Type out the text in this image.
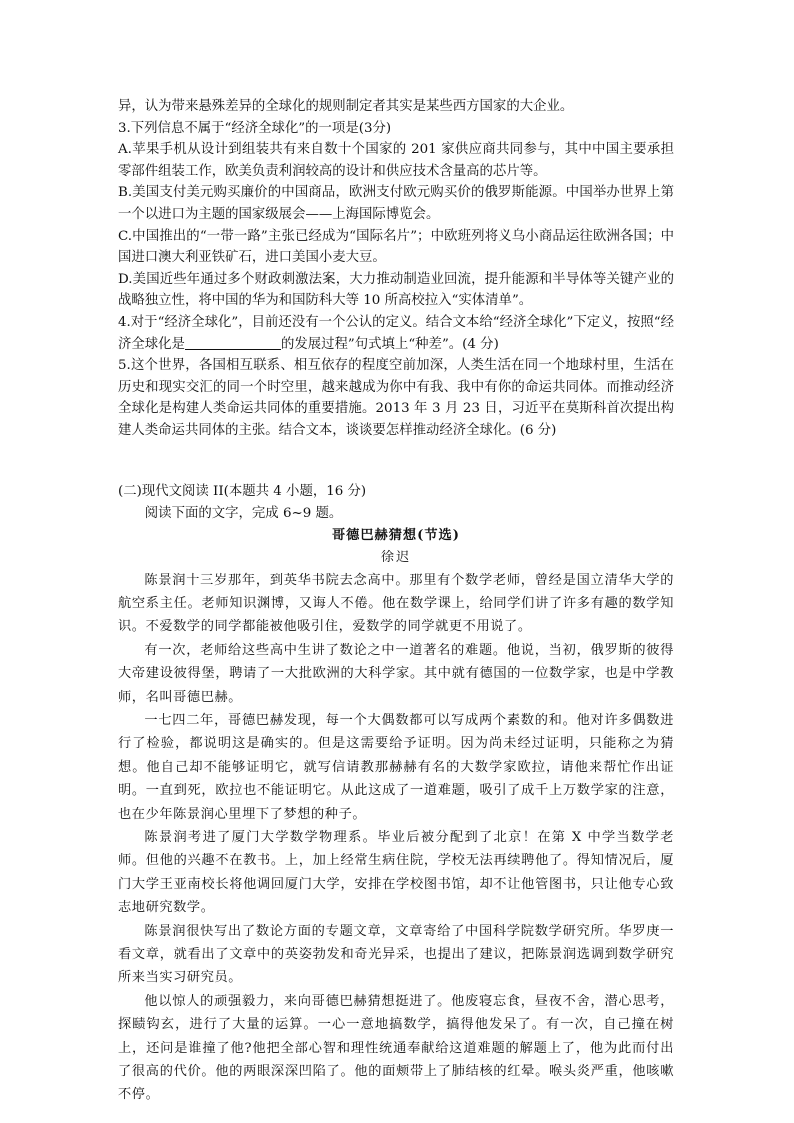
异，认为带来悬殊差异的全球化的规则制定者其实是某些西方国家的大企业。

3.下列信息不属于“经济全球化”的一项是(3分)

A.苹果手机从设计到组装共有来自数十个国家的 201 家供应商共同参与，其中中国主要承担零部件组装工作，欧美负责利润较高的设计和供应技术含量高的芯片等。

B.美国支付美元购买廉价的中国商品，欧洲支付欧元购买价的俄罗斯能源。中国举办世界上第一个以进口为主题的国家级展会——上海国际博览会。

C.中国推出的“一带一路”主张已经成为“国际名片”；中欧班列将义乌小商品运往欧洲各国；中国进口澳大利亚铁矿石，进口美国小麦大豆。

D.美国近些年通过多个财政刺激法案，大力推动制造业回流，提升能源和半导体等关键产业的战略独立性，将中国的华为和国防科大等 10 所高校拉入“实体清单”。

4.对于“经济全球化”，目前还没有一个公认的定义。结合文本给“经济全球化”下定义，按照“经济全球化是	的发展过程”句式填上“种差”。(4 分)

5.这个世界，各国相互联系、相互依存的程度空前加深，人类生活在同一个地球村里，生活在历史和现实交汇的同一个时空里，越来越成为你中有我、我中有你的命运共同体。而推动经济全球化是构建人类命运共同体的重要措施。2013 年 3 月 23 日，习近平在莫斯科首次提出构建人类命运共同体的主张。结合文本，谈谈要怎样推动经济全球化。(6 分)

(二)现代文阅读 II(本题共 4 小题，16 分)

阅读下面的文字，完成 6~9 题。

哥德巴赫猜想(节选)

徐迟

陈景润十三岁那年，到英华书院去念高中。那里有个数学老师，曾经是国立清华大学的航空系主任。老师知识渊博，又诲人不倦。他在数学课上，给同学们讲了许多有趣的数学知识。不爱数学的同学都能被他吸引住，爱数学的同学就更不用说了。

有一次，老师给这些高中生讲了数论之中一道著名的难题。他说，当初，俄罗斯的彼得大帝建设彼得堡，聘请了一大批欧洲的大科学家。其中就有德国的一位数学家，也是中学教师，名叫哥德巴赫。

一七四二年，哥德巴赫发现，每一个大偶数都可以写成两个素数的和。他对许多偶数进行了检验，都说明这是确实的。但是这需要给予证明。因为尚未经过证明，只能称之为猜想。他自己却不能够证明它，就写信请教那赫赫有名的大数学家欧拉，请他来帮忙作出证明。一直到死，欧拉也不能证明它。从此这成了一道难题，吸引了成千上万数学家的注意，也在少年陈景润心里埋下了梦想的种子。

陈景润考进了厦门大学数学物理系。毕业后被分配到了北京！在第 X 中学当数学老师。但他的兴趣不在教书。上，加上经常生病住院，学校无法再续聘他了。得知情况后，厦门大学王亚南校长将他调回厦门大学，安排在学校图书馆，却不让他管图书，只让他专心致志地研究数学。

陈景润很快写出了数论方面的专题文章，文章寄给了中国科学院数学研究所。华罗庚一看文章，就看出了文章中的英姿勃发和奇光异采，也提出了建议，把陈景润选调到数学研究所来当实习研究员。

他以惊人的顽强毅力，来向哥德巴赫猜想挺进了。他废寝忘食，昼夜不舍，潜心思考，探赜钩玄，进行了大量的运算。一心一意地搞数学，搞得他发呆了。有一次，自己撞在树上，还问是谁撞了他?他把全部心智和理性统通奉献给这道难题的解题上了，他为此而付出了很高的代价。他的两眼深深凹陷了。他的面颊带上了肺结核的红晕。喉头炎严重，他咳嗽不停。
